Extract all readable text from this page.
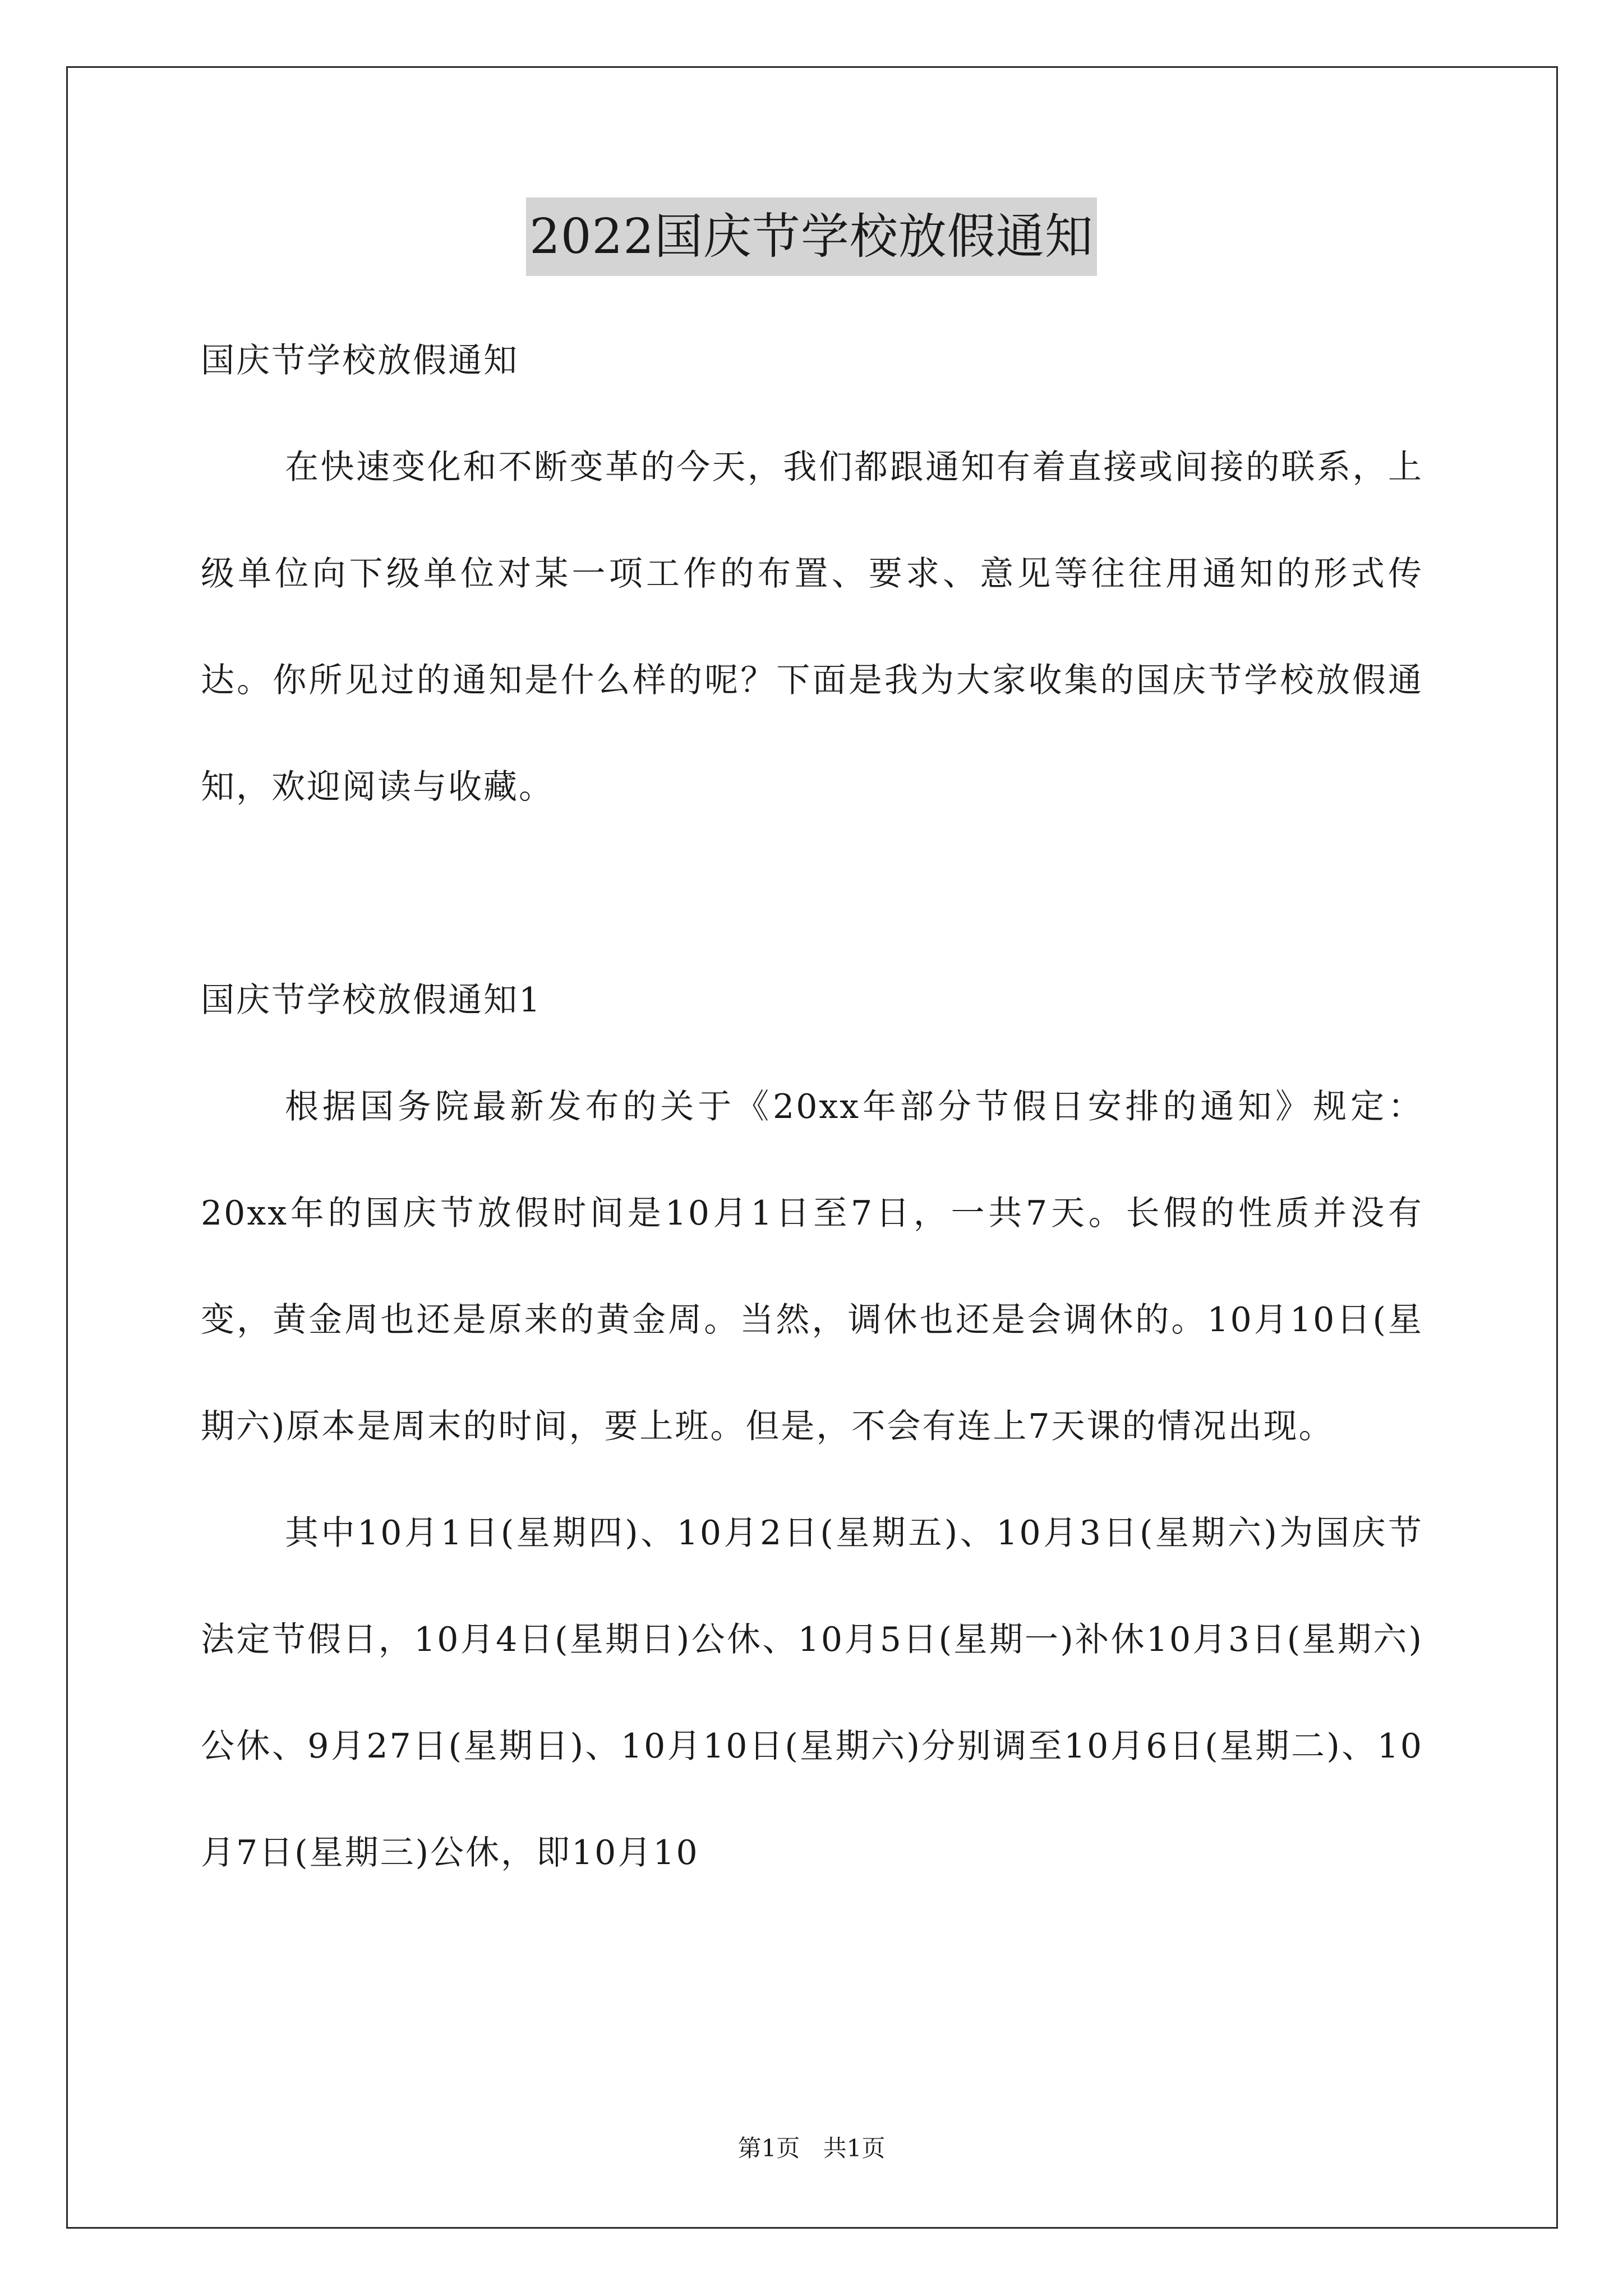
2022国庆节学校放假通知

国庆节学校放假通知

在快速变化和不断变革的今天，我们都跟通知有着直接或间接的联系，上级单位向下级单位对某一项工作的布置、要求、意见等往往用通知的形式传达。你所见过的通知是什么样的呢？下面是我为大家收集的国庆节学校放假通知，欢迎阅读与收藏。

国庆节学校放假通知1

根据国务院最新发布的关于《20xx年部分节假日安排的通知》规定：20xx年的国庆节放假时间是10月1日至7日，一共7天。长假的性质并没有变，黄金周也还是原来的黄金周。当然，调休也还是会调休的。10月10日(星期六)原本是周末的时间，要上班。但是，不会有连上7天课的情况出现。

其中10月1日(星期四)、10月2日(星期五)、10月3日(星期六)为国庆节法定节假日，10月4日(星期日)公休、10月5日(星期一)补休10月3日(星期六)公休、9月27日(星期日)、10月10日(星期六)分别调至10月6日(星期二)、10月7日(星期三)公休，即10月10

第1页 共1页
